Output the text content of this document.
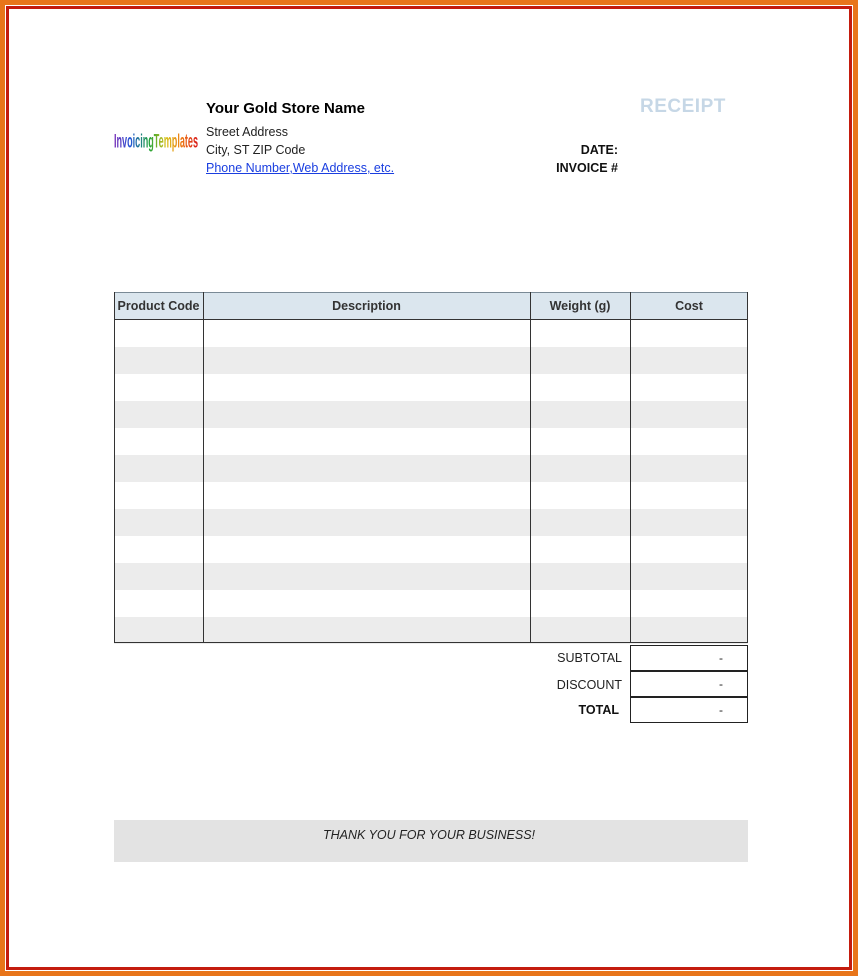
InvoicingTemplates
Your Gold Store Name
Street Address
City, ST ZIP Code
Phone Number,Web Address, etc.
RECEIPT
DATE:
INVOICE #
Product Code	Description	Weight (g)	Cost
SUBTOTAL	-
DISCOUNT	-
TOTAL	-
THANK YOU FOR YOUR BUSINESS!
